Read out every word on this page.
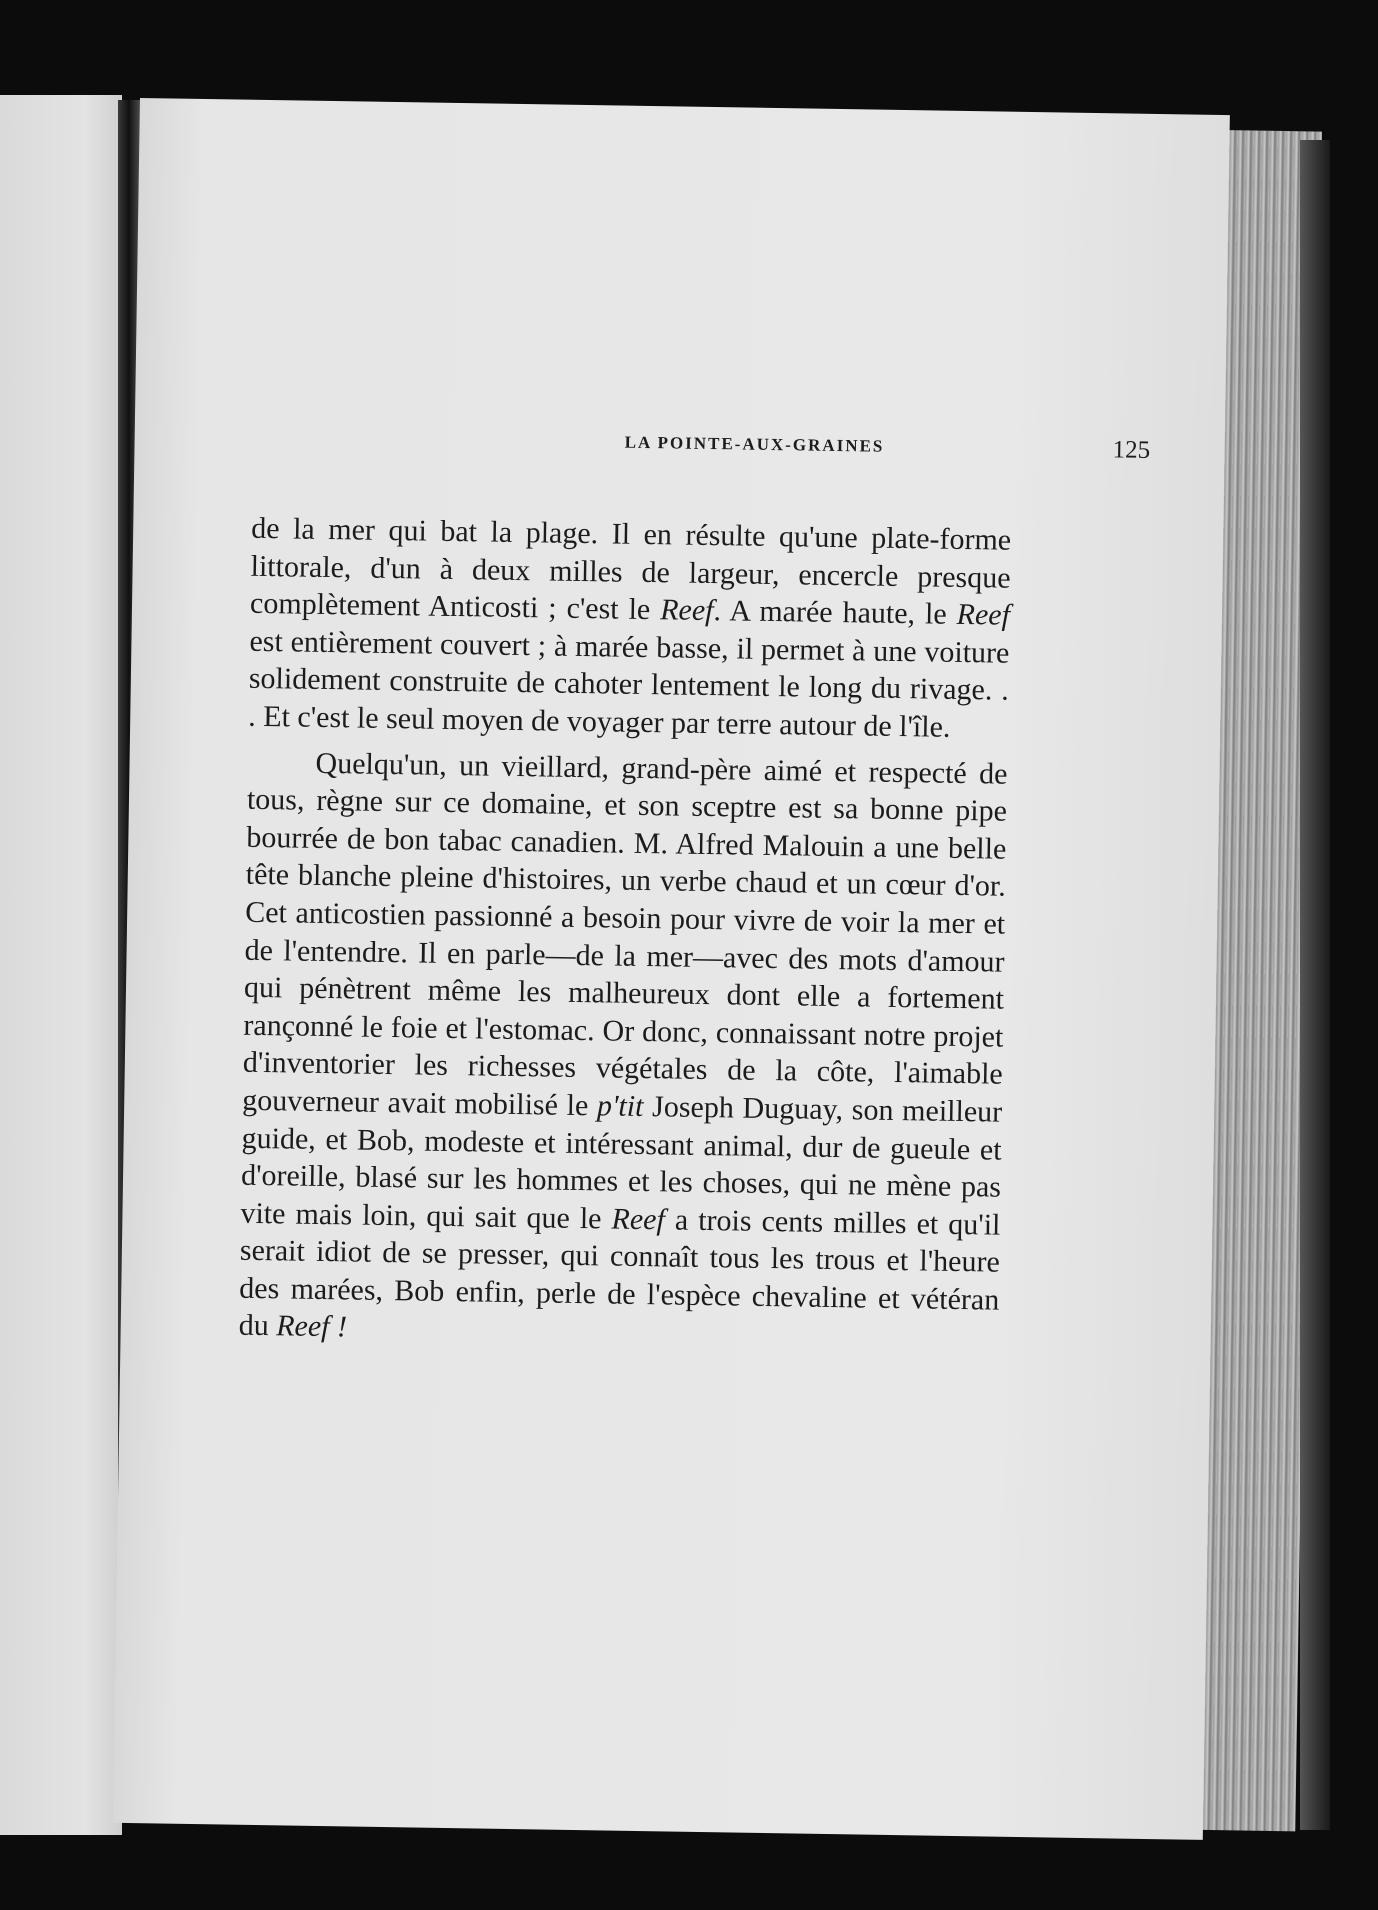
LA POINTE-AUX-GRAINES	125

de la mer qui bat la plage. Il en résulte qu'une plate-forme littorale, d'un à deux milles de largeur, encercle presque complètement Anticosti ; c'est le Reef. A marée haute, le Reef est entièrement couvert ; à marée basse, il permet à une voiture solidement construite de cahoter lentement le long du rivage. . . Et c'est le seul moyen de voyager par terre autour de l'île.

Quelqu'un, un vieillard, grand-père aimé et respecté de tous, règne sur ce domaine, et son sceptre est sa bonne pipe bourrée de bon tabac canadien. M. Alfred Malouin a une belle tête blanche pleine d'histoires, un verbe chaud et un cœur d'or. Cet anticostien passionné a besoin pour vivre de voir la mer et de l'entendre. Il en parle—de la mer—avec des mots d'amour qui pénètrent même les malheureux dont elle a fortement rançonné le foie et l'estomac. Or donc, connaissant notre projet d'inventorier les richesses végétales de la côte, l'aimable gouverneur avait mobilisé le p'tit Joseph Duguay, son meilleur guide, et Bob, modeste et intéressant animal, dur de gueule et d'oreille, blasé sur les hommes et les choses, qui ne mène pas vite mais loin, qui sait que le Reef a trois cents milles et qu'il serait idiot de se presser, qui connaît tous les trous et l'heure des marées, Bob enfin, perle de l'espèce chevaline et vétéran du Reef !
